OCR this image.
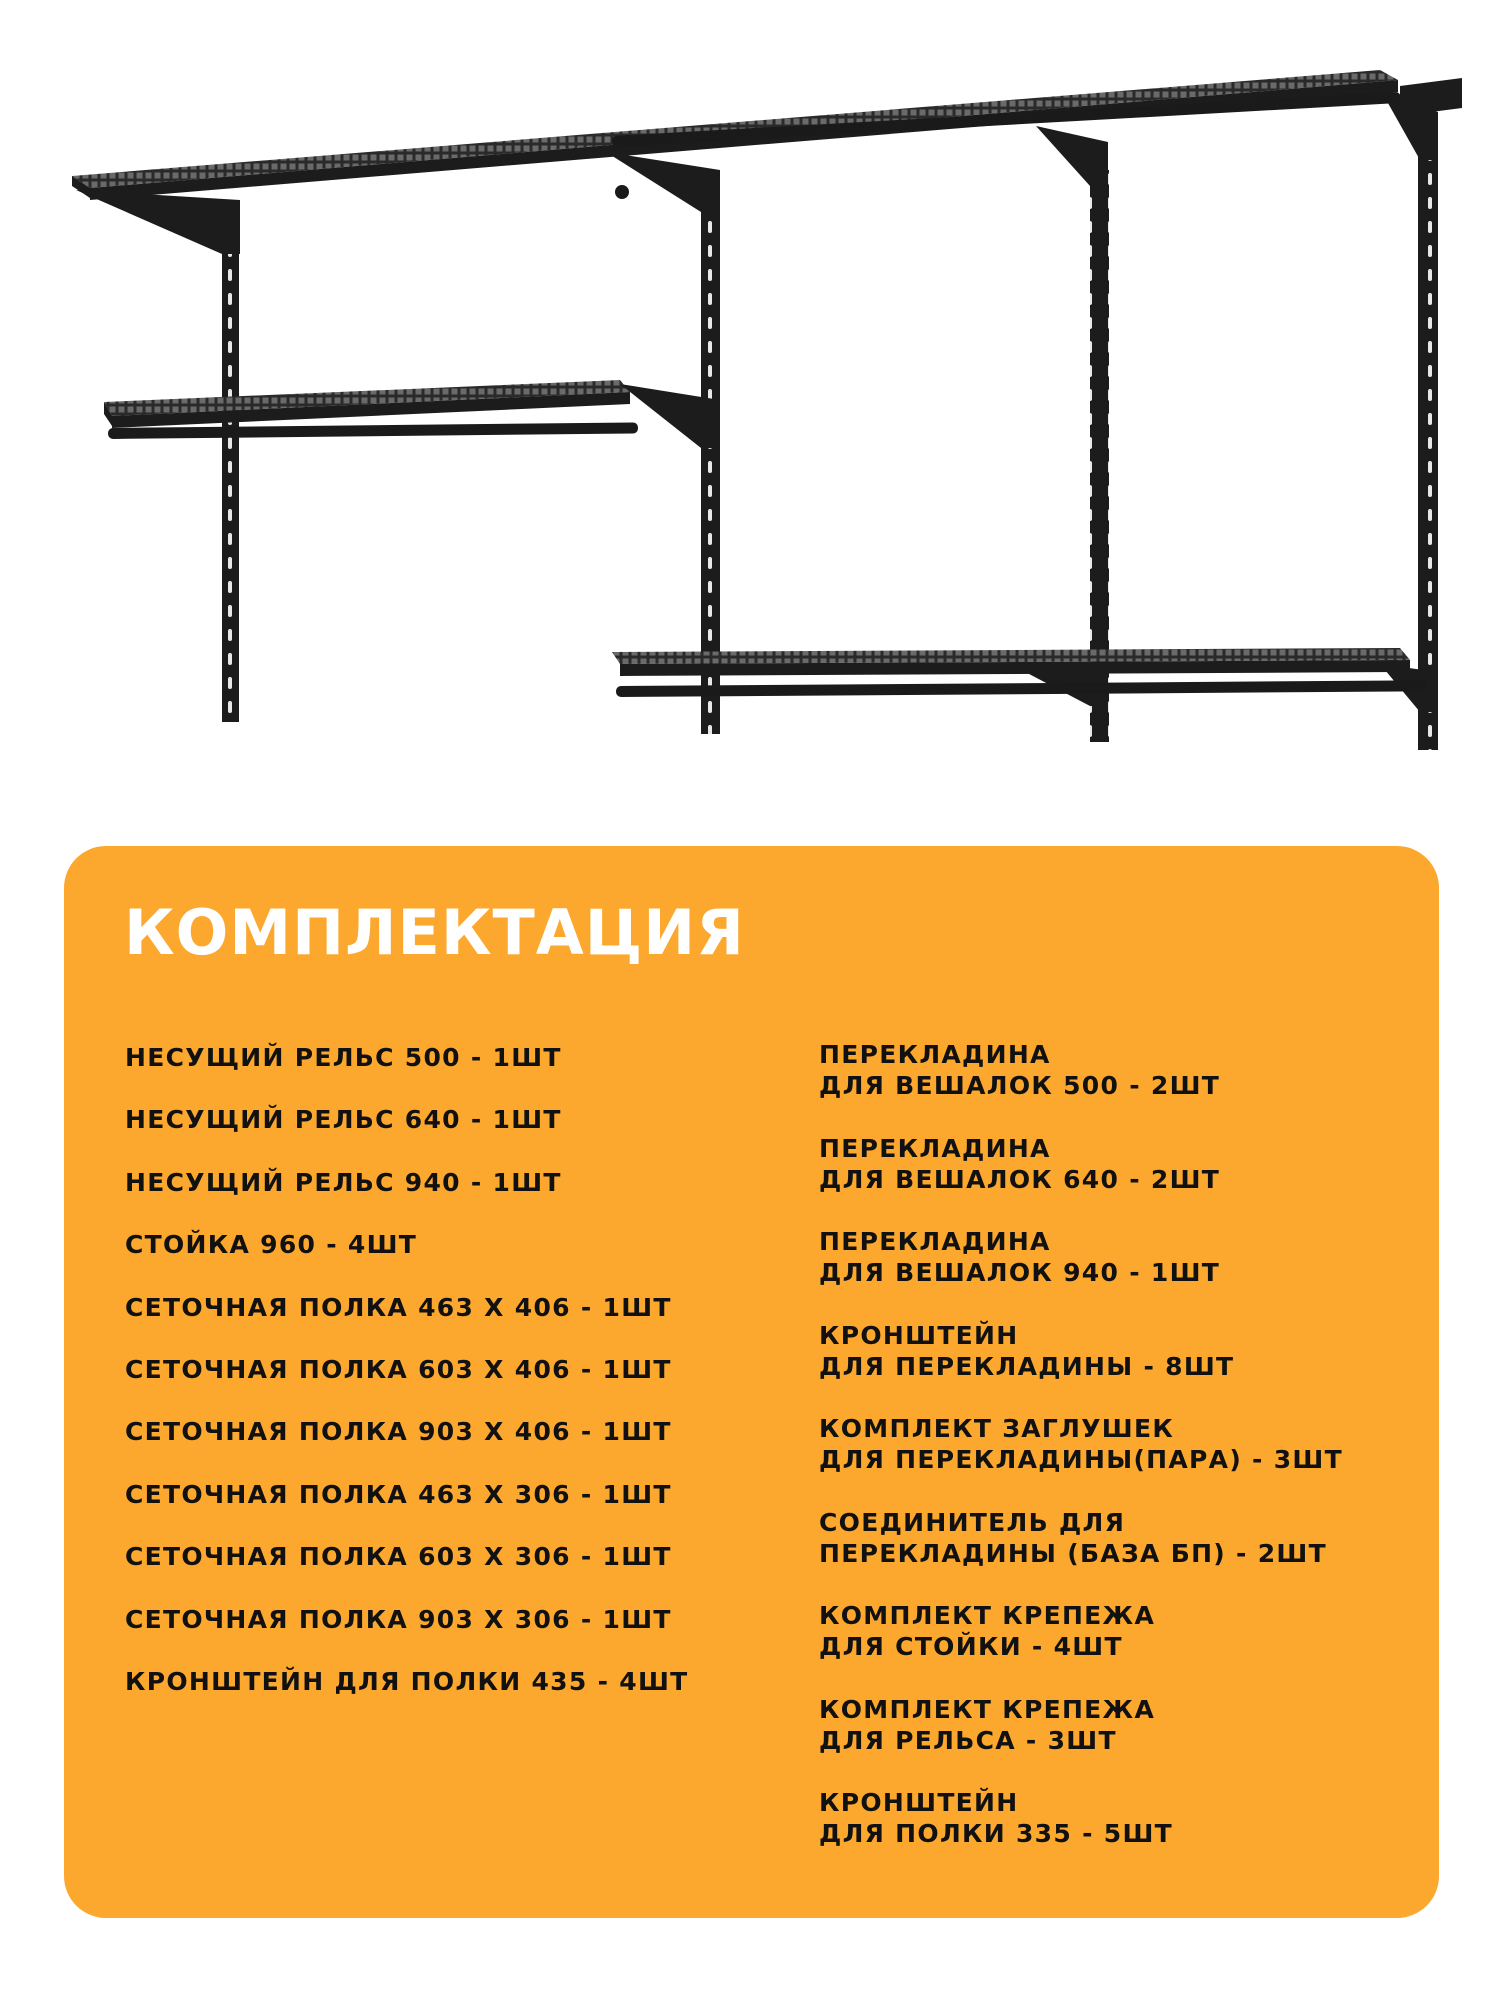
КОМПЛЕКТАЦИЯ
НЕСУЩИЙ РЕЛЬС 500 - 1ШТ
НЕСУЩИЙ РЕЛЬС 640 - 1ШТ
НЕСУЩИЙ РЕЛЬС 940 - 1ШТ
СТОЙКА 960 - 4ШТ
СЕТОЧНАЯ ПОЛКА 463 Х 406 - 1ШТ
СЕТОЧНАЯ ПОЛКА 603 Х 406 - 1ШТ
СЕТОЧНАЯ ПОЛКА 903 Х 406 - 1ШТ
СЕТОЧНАЯ ПОЛКА 463 Х 306 - 1ШТ
СЕТОЧНАЯ ПОЛКА 603 Х 306 - 1ШТ
СЕТОЧНАЯ ПОЛКА 903 Х 306 - 1ШТ
КРОНШТЕЙН ДЛЯ ПОЛКИ 435 - 4ШТ
ПЕРЕКЛАДИНА
ДЛЯ ВЕШАЛОК 500 - 2ШТ
ПЕРЕКЛАДИНА
ДЛЯ ВЕШАЛОК 640 - 2ШТ
ПЕРЕКЛАДИНА
ДЛЯ ВЕШАЛОК 940 - 1ШТ
КРОНШТЕЙН
ДЛЯ ПЕРЕКЛАДИНЫ - 8ШТ
КОМПЛЕКТ ЗАГЛУШЕК
ДЛЯ ПЕРЕКЛАДИНЫ(ПАРА) - 3ШТ
СОЕДИНИТЕЛЬ ДЛЯ
ПЕРЕКЛАДИНЫ (БАЗА БП) - 2ШТ
КОМПЛЕКТ КРЕПЕЖА
ДЛЯ СТОЙКИ - 4ШТ
КОМПЛЕКТ КРЕПЕЖА
ДЛЯ РЕЛЬСА - 3ШТ
КРОНШТЕЙН
ДЛЯ ПОЛКИ 335 - 5ШТ
